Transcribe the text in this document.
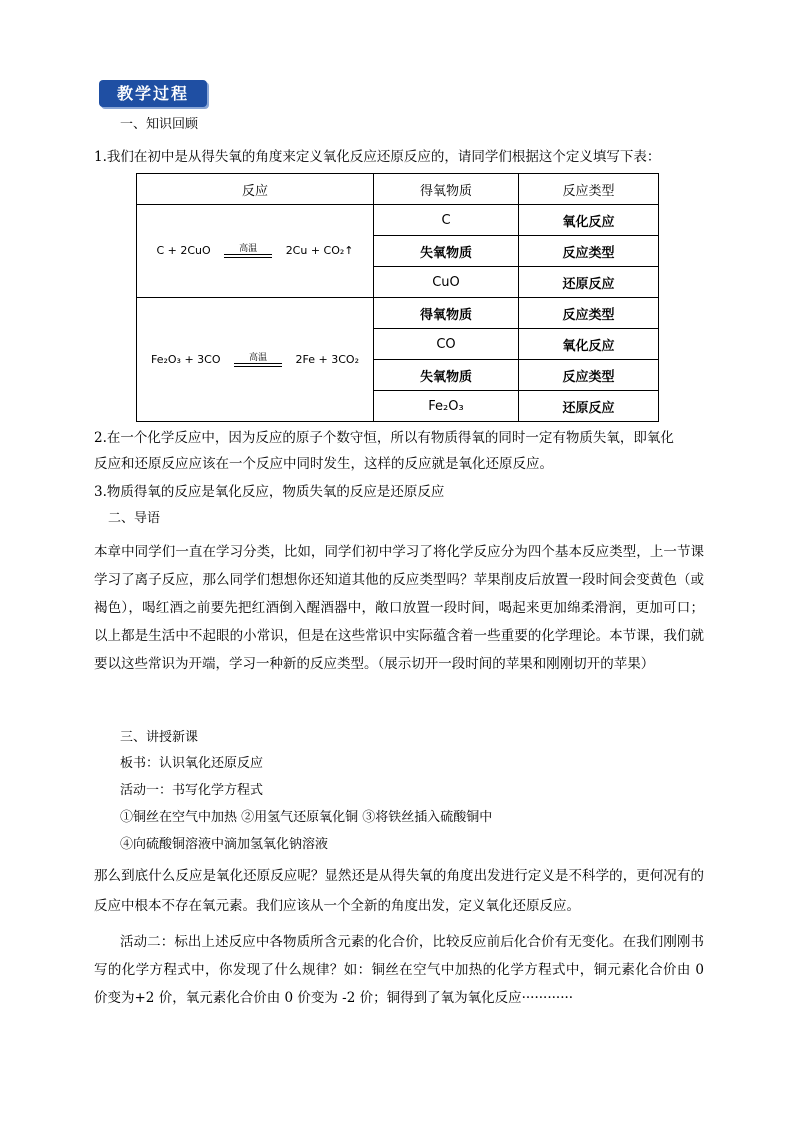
教学过程
一、知识回顾
1.我们在初中是从得失氧的角度来定义氧化反应还原反应的，请同学们根据这个定义填写下表：
反应	得氧物质	反应类型
C + 2CuO 高温 2Cu + CO₂↑	C	氧化反应
	失氧物质	反应类型
	CuO	还原反应
Fe₂O₃ + 3CO 高温 2Fe + 3CO₂	得氧物质	反应类型
	CO	氧化反应
	失氧物质	反应类型
	Fe₂O₃	还原反应
2.在一个化学反应中，因为反应的原子个数守恒，所以有物质得氧的同时一定有物质失氧，即氧化
反应和还原反应应该在一个反应中同时发生，这样的反应就是氧化还原反应。
3.物质得氧的反应是氧化反应，物质失氧的反应是还原反应
二、导语
本章中同学们一直在学习分类，比如，同学们初中学习了将化学反应分为四个基本反应类型，上一节课学习了离子反应，那么同学们想想你还知道其他的反应类型吗？苹果削皮后放置一段时间会变黄色（或褐色），喝红酒之前要先把红酒倒入醒酒器中，敞口放置一段时间，喝起来更加绵柔滑润，更加可口；以上都是生活中不起眼的小常识，但是在这些常识中实际蕴含着一些重要的化学理论。本节课，我们就要以这些常识为开端，学习一种新的反应类型。（展示切开一段时间的苹果和刚刚切开的苹果）
三、讲授新课
板书：认识氧化还原反应
活动一：书写化学方程式
①铜丝在空气中加热 ②用氢气还原氧化铜 ③将铁丝插入硫酸铜中
④向硫酸铜溶液中滴加氢氧化钠溶液
那么到底什么反应是氧化还原反应呢？显然还是从得失氧的角度出发进行定义是不科学的，更何况有的反应中根本不存在氧元素。我们应该从一个全新的角度出发，定义氧化还原反应。
活动二：标出上述反应中各物质所含元素的化合价，比较反应前后化合价有无变化。在我们刚刚书写的化学方程式中，你发现了什么规律？如：铜丝在空气中加热的化学方程式中，铜元素化合价由 0 价变为+2 价，氧元素化合价由 0 价变为 -2 价；铜得到了氧为氧化反应············
